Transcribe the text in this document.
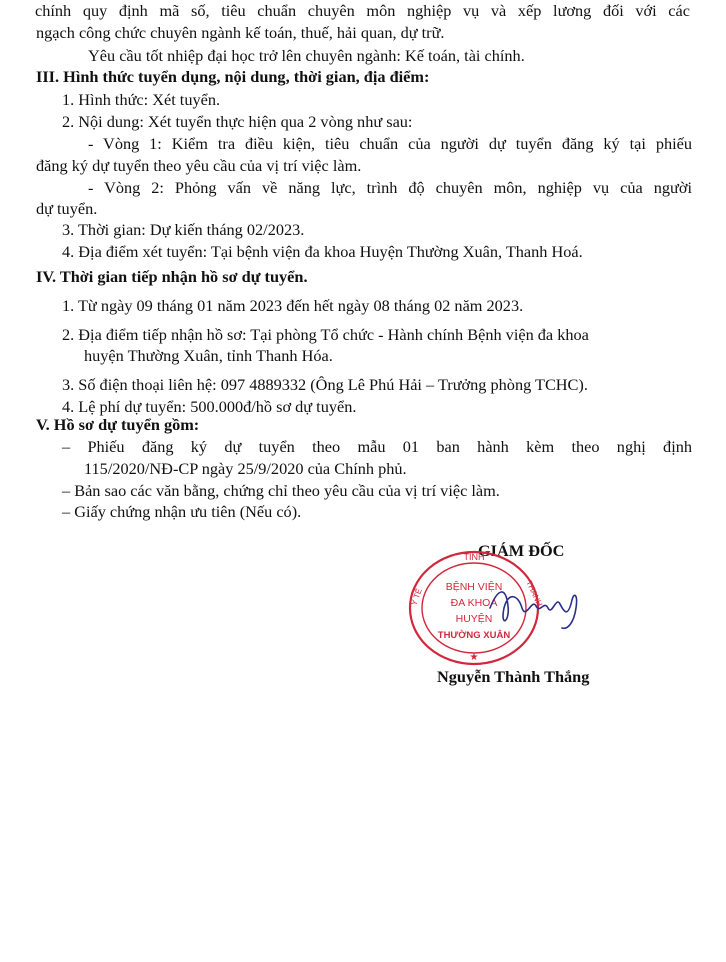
chính quy định mã số, tiêu chuẩn chuyên môn nghiệp vụ và xếp lương đối với các
ngạch công chức chuyên ngành kế toán, thuế, hải quan, dự trữ.
Yêu cầu tốt nhiệp đại học trở lên chuyên ngành: Kế toán, tài chính.
III. Hình thức tuyển dụng, nội dung, thời gian, địa điểm:
1. Hình thức: Xét tuyển.
2. Nội dung: Xét tuyển thực hiện qua 2 vòng như sau:
- Vòng 1: Kiểm tra điều kiện, tiêu chuẩn của người dự tuyển đăng ký tại phiếu
đăng ký dự tuyển theo yêu cầu của vị trí việc làm.
- Vòng 2: Phỏng vấn về năng lực, trình độ chuyên môn, nghiệp vụ của người
dự tuyển.
3. Thời gian: Dự kiến tháng 02/2023.
4. Địa điểm xét tuyển: Tại bệnh viện đa khoa Huyện Thường Xuân, Thanh Hoá.
IV. Thời gian tiếp nhận hồ sơ dự tuyển.
1. Từ ngày 09 tháng 01 năm 2023 đến hết ngày 08 tháng 02 năm 2023.
2. Địa điểm tiếp nhận hồ sơ: Tại phòng Tổ chức - Hành chính Bệnh viện đa khoa
huyện Thường Xuân, tỉnh Thanh Hóa.
3. Số điện thoại liên hệ: 097 4889332 (Ông Lê Phú Hải – Trưởng phòng TCHC).
4. Lệ phí dự tuyển: 500.000đ/hồ sơ dự tuyển.
V. Hồ sơ dự tuyển gồm:
– Phiếu đăng ký dự tuyển theo mẫu 01 ban hành kèm theo nghị định
115/2020/NĐ-CP ngày 25/9/2020 của Chính phủ.
– Bản sao các văn bằng, chứng chỉ theo yêu cầu của vị trí việc làm.
– Giấy chứng nhận ưu tiên (Nếu có).
GIÁM ĐỐC
TỈNH
Y TẾ	THANH
BỆNH VIỆN
ĐA KHOA
HUYỆN
THƯỜNG XUÂN
★
Nguyễn Thành Thắng
